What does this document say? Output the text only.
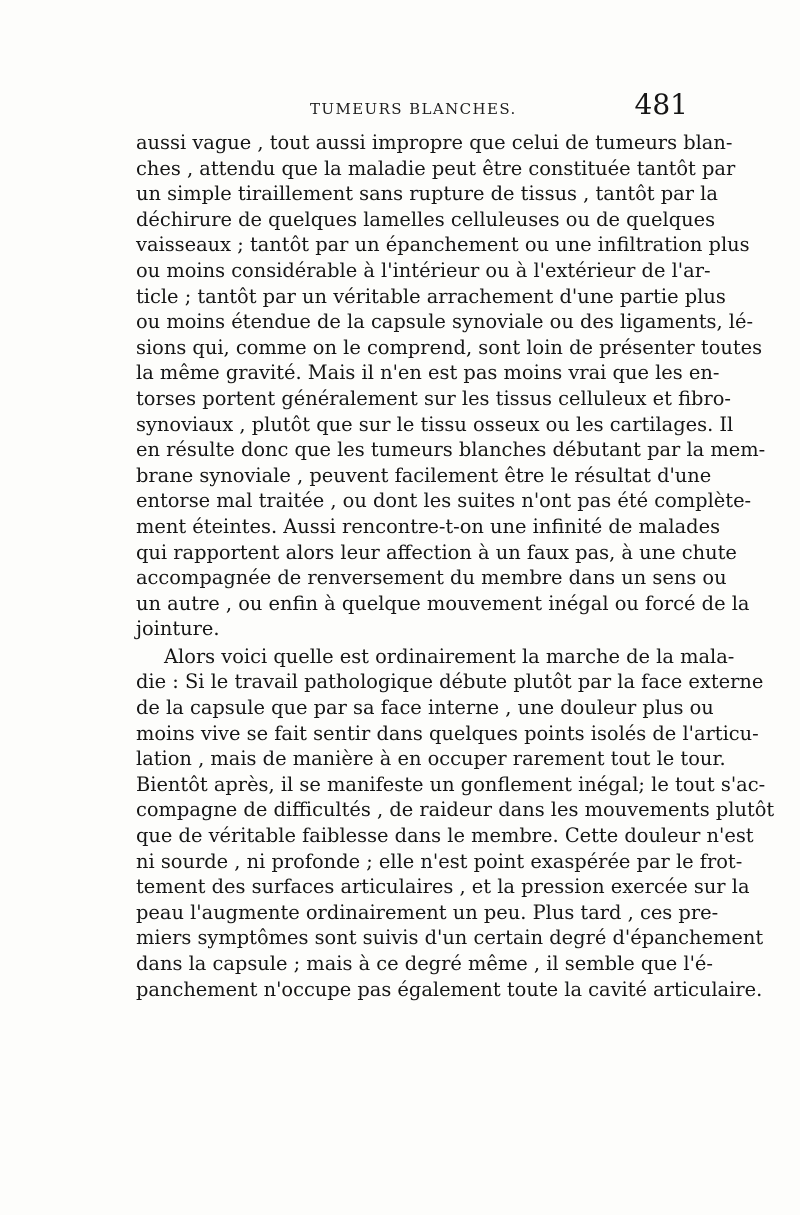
TUMEURS BLANCHES.	481
aussi vague , tout aussi impropre que celui de tumeurs blan-
ches , attendu que la maladie peut être constituée tantôt par
un simple tiraillement sans rupture de tissus , tantôt par la
déchirure de quelques lamelles celluleuses ou de quelques
vaisseaux ; tantôt par un épanchement ou une infiltration plus
ou moins considérable à l'intérieur ou à l'extérieur de l'ar-
ticle ; tantôt par un véritable arrachement d'une partie plus
ou moins étendue de la capsule synoviale ou des ligaments, lé-
sions qui, comme on le comprend, sont loin de présenter toutes
la même gravité. Mais il n'en est pas moins vrai que les en-
torses portent généralement sur les tissus celluleux et fibro-
synoviaux , plutôt que sur le tissu osseux ou les cartilages. Il
en résulte donc que les tumeurs blanches débutant par la mem-
brane synoviale , peuvent facilement être le résultat d'une
entorse mal traitée , ou dont les suites n'ont pas été complète-
ment éteintes. Aussi rencontre-t-on une infinité de malades
qui rapportent alors leur affection à un faux pas, à une chute
accompagnée de renversement du membre dans un sens ou
un autre , ou enfin à quelque mouvement inégal ou forcé de la
jointure.
Alors voici quelle est ordinairement la marche de la mala-
die : Si le travail pathologique débute plutôt par la face externe
de la capsule que par sa face interne , une douleur plus ou
moins vive se fait sentir dans quelques points isolés de l'articu-
lation , mais de manière à en occuper rarement tout le tour.
Bientôt après, il se manifeste un gonflement inégal; le tout s'ac-
compagne de difficultés , de raideur dans les mouvements plutôt
que de véritable faiblesse dans le membre. Cette douleur n'est
ni sourde , ni profonde ; elle n'est point exaspérée par le frot-
tement des surfaces articulaires , et la pression exercée sur la
peau l'augmente ordinairement un peu. Plus tard , ces pre-
miers symptômes sont suivis d'un certain degré d'épanchement
dans la capsule ; mais à ce degré même , il semble que l'é-
panchement n'occupe pas également toute la cavité articulaire.
